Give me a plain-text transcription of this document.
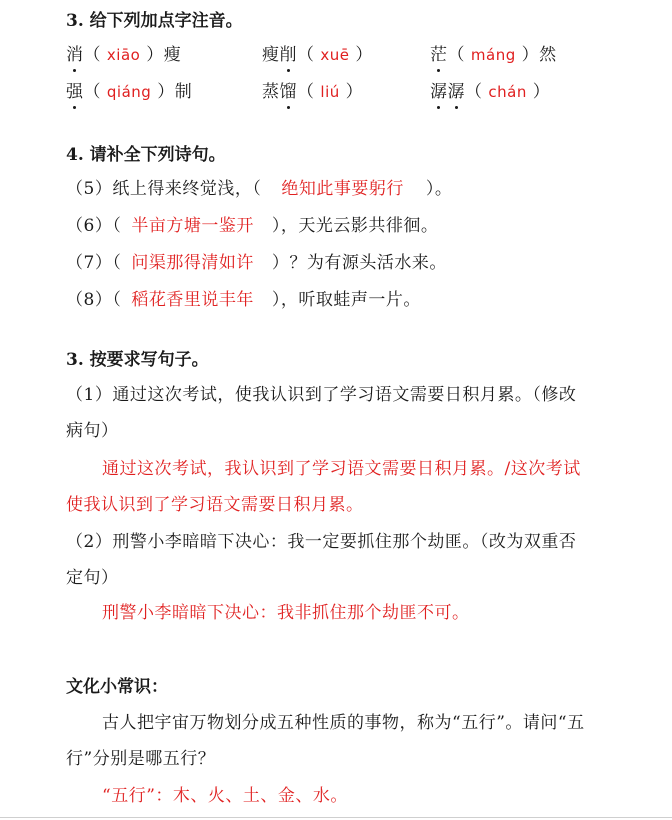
3. 给下列加点字注音。
消（ xiāo ）瘦	瘦削（ xuē ）	茫（ máng ）然
强（ qiáng ）制	蒸馏（ liú ）	潺潺（ chán ）
4. 请补全下列诗句。
（5）纸上得来终觉浅，（ 绝知此事要躬行 ）。
（6）（ 半亩方塘一鉴开 ），天光云影共徘徊。
（7）（ 问渠那得清如许 ）？为有源头活水来。
（8）（ 稻花香里说丰年 ），听取蛙声一片。
3. 按要求写句子。
（1）通过这次考试，使我认识到了学习语文需要日积月累。（修改
病句）
通过这次考试，我认识到了学习语文需要日积月累。/这次考试
使我认识到了学习语文需要日积月累。
（2）刑警小李暗暗下决心：我一定要抓住那个劫匪。（改为双重否
定句）
刑警小李暗暗下决心：我非抓住那个劫匪不可。
文化小常识：
古人把宇宙万物划分成五种性质的事物，称为“五行”。请问“五
行”分别是哪五行？
“五行”：木、火、土、金、水。
